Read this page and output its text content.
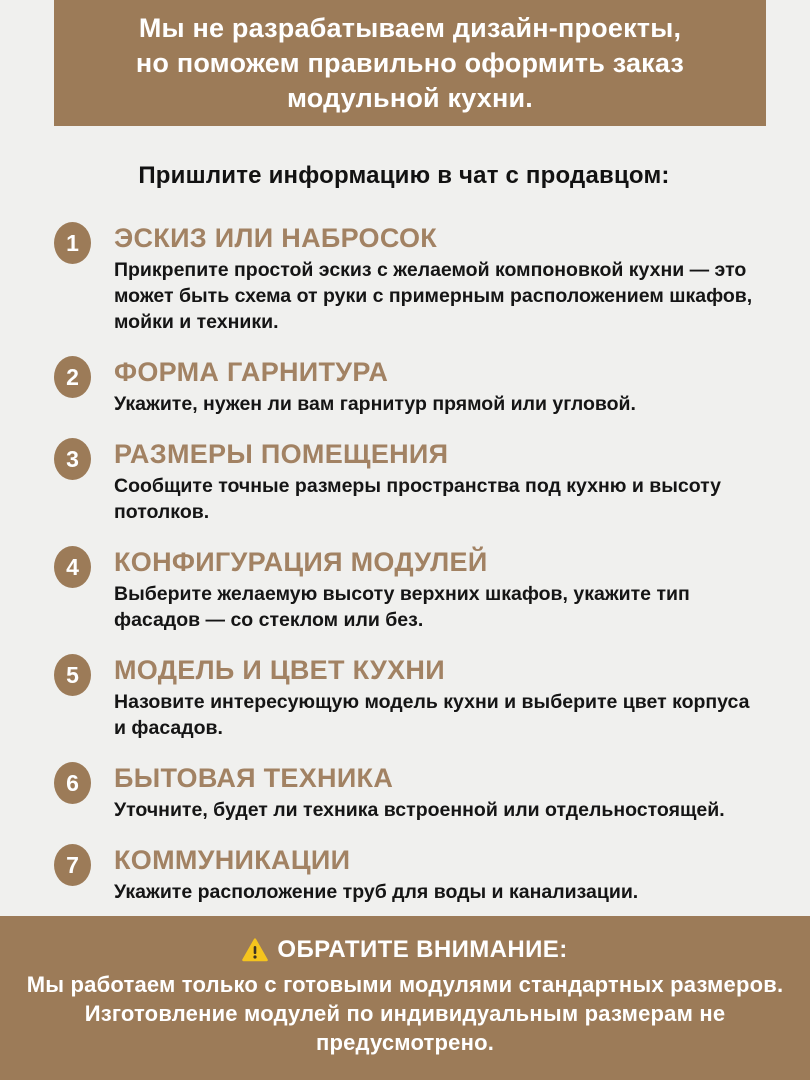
Мы не разрабатываем дизайн-проекты,
но поможем правильно оформить заказ
модульной кухни.
Пришлите информацию в чат с продавцом:
1	ЭСКИЗ ИЛИ НАБРОСОК
Прикрепите простой эскиз с желаемой компоновкой кухни — это может быть схема от руки с примерным расположением шкафов, мойки и техники.
2	ФОРМА ГАРНИТУРА
Укажите, нужен ли вам гарнитур прямой или угловой.
3	РАЗМЕРЫ ПОМЕЩЕНИЯ
Сообщите точные размеры пространства под кухню и высоту потолков.
4	КОНФИГУРАЦИЯ МОДУЛЕЙ
Выберите желаемую высоту верхних шкафов, укажите тип фасадов — со стеклом или без.
5	МОДЕЛЬ И ЦВЕТ КУХНИ
Назовите интересующую модель кухни и выберите цвет корпуса и фасадов.
6	БЫТОВАЯ ТЕХНИКА
Уточните, будет ли техника встроенной или отдельностоящей.
7	КОММУНИКАЦИИ
Укажите расположение труб для воды и канализации.
ОБРАТИТЕ ВНИМАНИЕ:
Мы работаем только с готовыми модулями стандартных размеров.
Изготовление модулей по индивидуальным размерам не
предусмотрено.
